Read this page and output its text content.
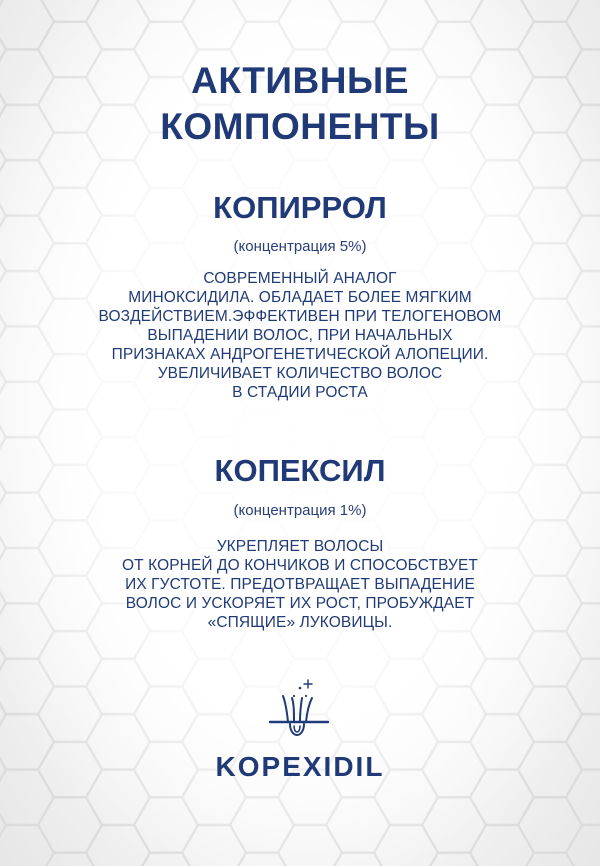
АКТИВНЫЕ
КОМПОНЕНТЫ
КОПИРРОЛ

(концентрация 5%)

СОВРЕМЕННЫЙ АНАЛОГ
МИНОКСИДИЛА. ОБЛАДАЕТ БОЛЕЕ МЯГКИМ
ВОЗДЕЙСТВИЕМ.ЭФФЕКТИВЕН ПРИ ТЕЛОГЕНОВОМ
ВЫПАДЕНИИ ВОЛОС, ПРИ НАЧАЛЬНЫХ
ПРИЗНАКАХ АНДРОГЕНЕТИЧЕСКОЙ АЛОПЕЦИИ.
УВЕЛИЧИВАЕТ КОЛИЧЕСТВО ВОЛОС
В СТАДИИ РОСТА

КОПЕКСИЛ

(концентрация 1%)

УКРЕПЛЯЕТ ВОЛОСЫ
ОТ КОРНЕЙ ДО КОНЧИКОВ И СПОСОБСТВУЕТ
ИХ ГУСТОТЕ. ПРЕДОТВРАЩАЕТ ВЫПАДЕНИЕ
ВОЛОС И УСКОРЯЕТ ИХ РОСТ, ПРОБУЖДАЕТ
«СПЯЩИЕ» ЛУКОВИЦЫ.

KOPEXIDIL
